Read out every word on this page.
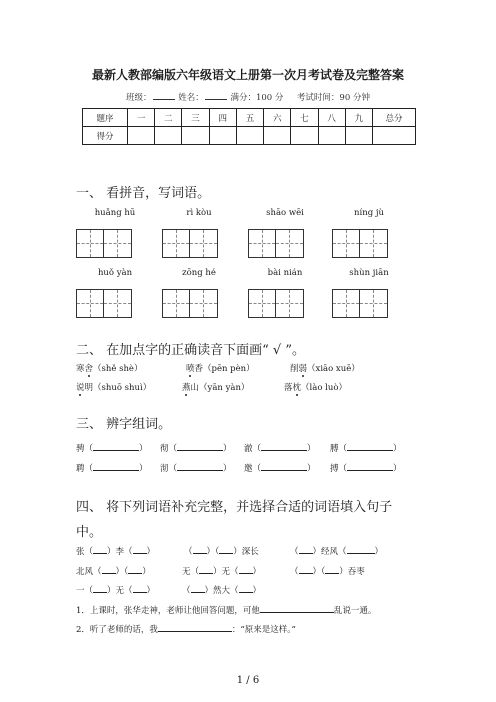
最新人教部编版六年级语文上册第一次月考试卷及完整答案
班级：	姓名：	满分：100 分 考试时间：90 分钟
题序	一	二	三	四	五	六	七	八	九	总分
得分										
一、 看拼音，写词语。
huǎng hū	rì kòu	shāo wēi	níng jù
huǒ yàn	zōng hé	bài nián	shùn jiān
二、 在加点字的正确读音下面画“ √ ”。
寒舍（shě shè）	喷香（pēn pèn）	削弱（xiāo xuē）
说明（shuō shuì）	燕山（yān yàn）	落枕（lào luò）
三、 辨字组词。
骋（	） 彻（	） 澈（	） 膊（	）
聘（	） 沏（	） 邀（	） 搏（	）
四、 将下列词语补充完整，并选择合适的词语填入句子
中。
张（ ）李（ ）	（ ）（ ）深长	（ ）经风（	）
北风（ ）（ ）	无（ ）无（ ）	（ ）（ ）吞枣
一（ ）无（ ）	（ ）然大（ ）
1．上课时，张华走神，老师让他回答问题，可他	乱说一通。
2．听了老师的话，我	：“原来是这样。”
1 / 6
